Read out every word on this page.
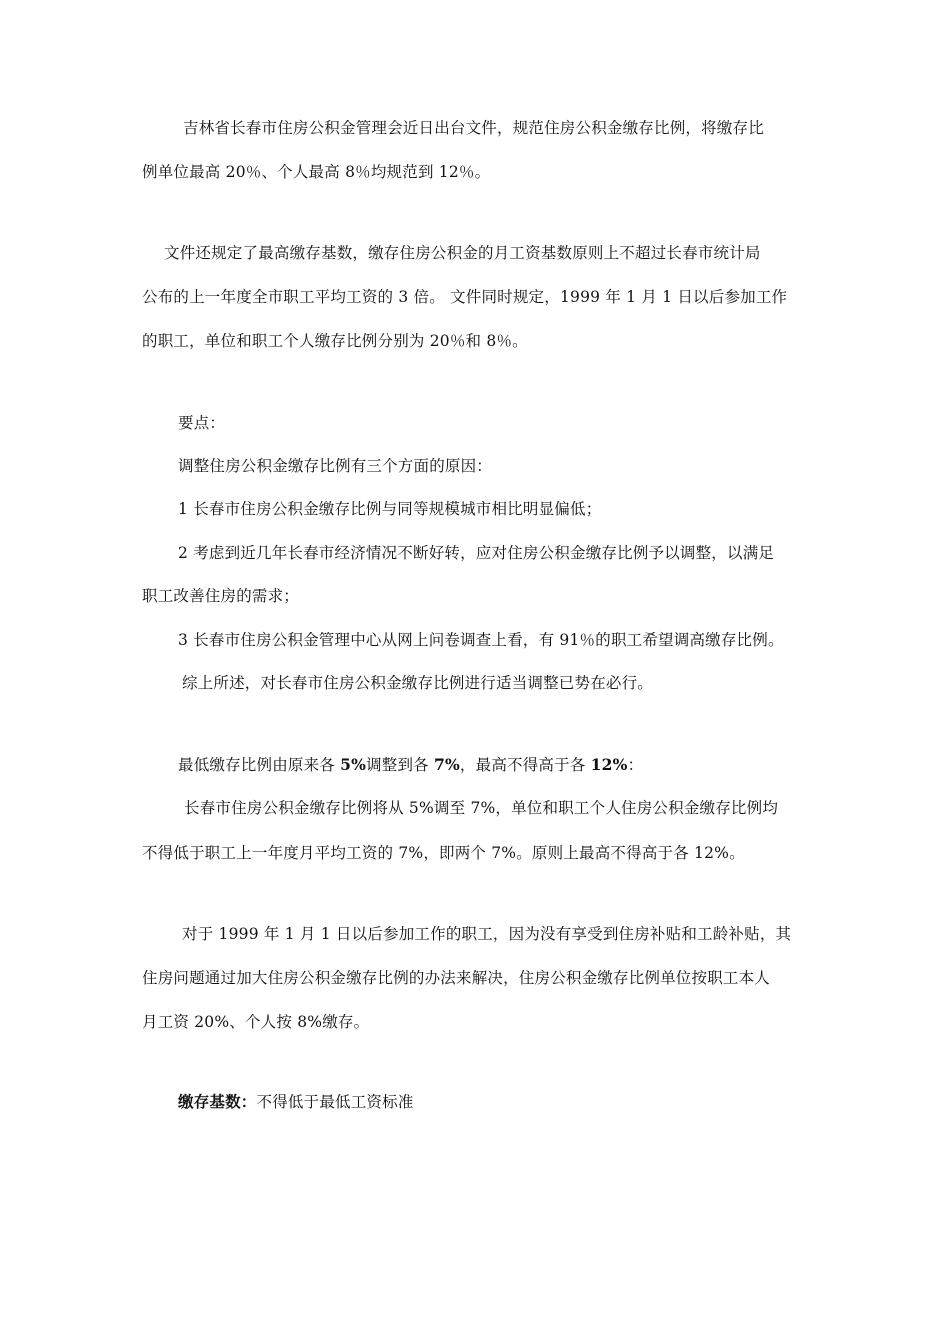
吉林省长春市住房公积金管理会近日出台文件，规范住房公积金缴存比例，将缴存比
例单位最高 20％、个人最高 8％均规范到 12％。
文件还规定了最高缴存基数，缴存住房公积金的月工资基数原则上不超过长春市统计局
公布的上一年度全市职工平均工资的 3 倍。 文件同时规定，1999 年 1 月 1 日以后参加工作
的职工，单位和职工个人缴存比例分别为 20％和 8％。
要点：
调整住房公积金缴存比例有三个方面的原因：
1 长春市住房公积金缴存比例与同等规模城市相比明显偏低；
2 考虑到近几年长春市经济情况不断好转，应对住房公积金缴存比例予以调整，以满足
职工改善住房的需求；
3 长春市住房公积金管理中心从网上问卷调查上看，有 91％的职工希望调高缴存比例。
综上所述，对长春市住房公积金缴存比例进行适当调整已势在必行。
最低缴存比例由原来各 5%调整到各 7%，最高不得高于各 12%：
长春市住房公积金缴存比例将从 5%调至 7%，单位和职工个人住房公积金缴存比例均
不得低于职工上一年度月平均工资的 7%，即两个 7%。原则上最高不得高于各 12%。
对于 1999 年 1 月 1 日以后参加工作的职工，因为没有享受到住房补贴和工龄补贴，其
住房问题通过加大住房公积金缴存比例的办法来解决，住房公积金缴存比例单位按职工本人
月工资 20%、个人按 8%缴存。
缴存基数：不得低于最低工资标准
